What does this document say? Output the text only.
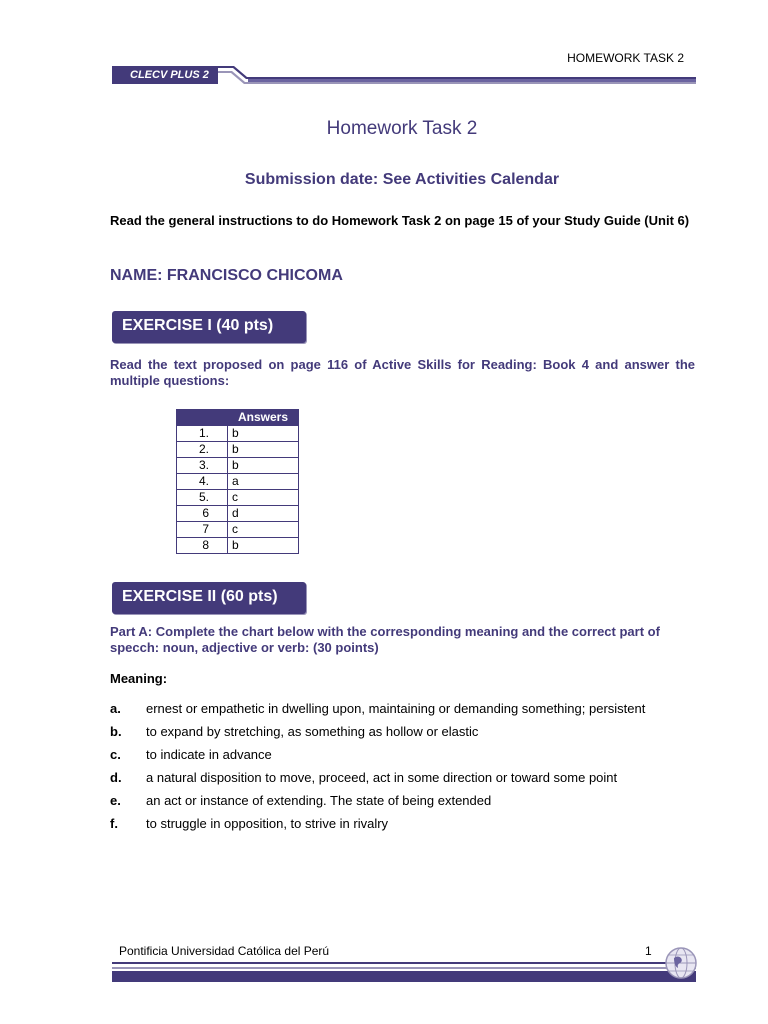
HOMEWORK TASK 2
CLECV PLUS 2
Homework Task 2
Submission date: See Activities Calendar
Read the general instructions to do Homework Task 2 on page 15 of your Study Guide (Unit 6)
NAME: FRANCISCO CHICOMA
EXERCISE I (40 pts)
Read the text proposed on page 116 of Active Skills for Reading: Book 4 and answer the multiple questions:
	Answers
1.	b
2.	b
3.	b
4.	a
5.	c
6	d
7	c
8	b
EXERCISE II (60 pts)
Part A: Complete the chart below with the corresponding meaning and the correct part of specch: noun, adjective or verb: (30 points)
Meaning:
a.	ernest or empathetic in dwelling upon, maintaining or demanding something; persistent
b.	to expand by stretching, as something as hollow or elastic
c.	to indicate in advance
d.	a natural disposition to move, proceed, act in some direction or toward some point
e.	an act or instance of extending. The state of being extended
f.	to struggle in opposition, to strive in rivalry
Pontificia Universidad Católica del Perú	1
